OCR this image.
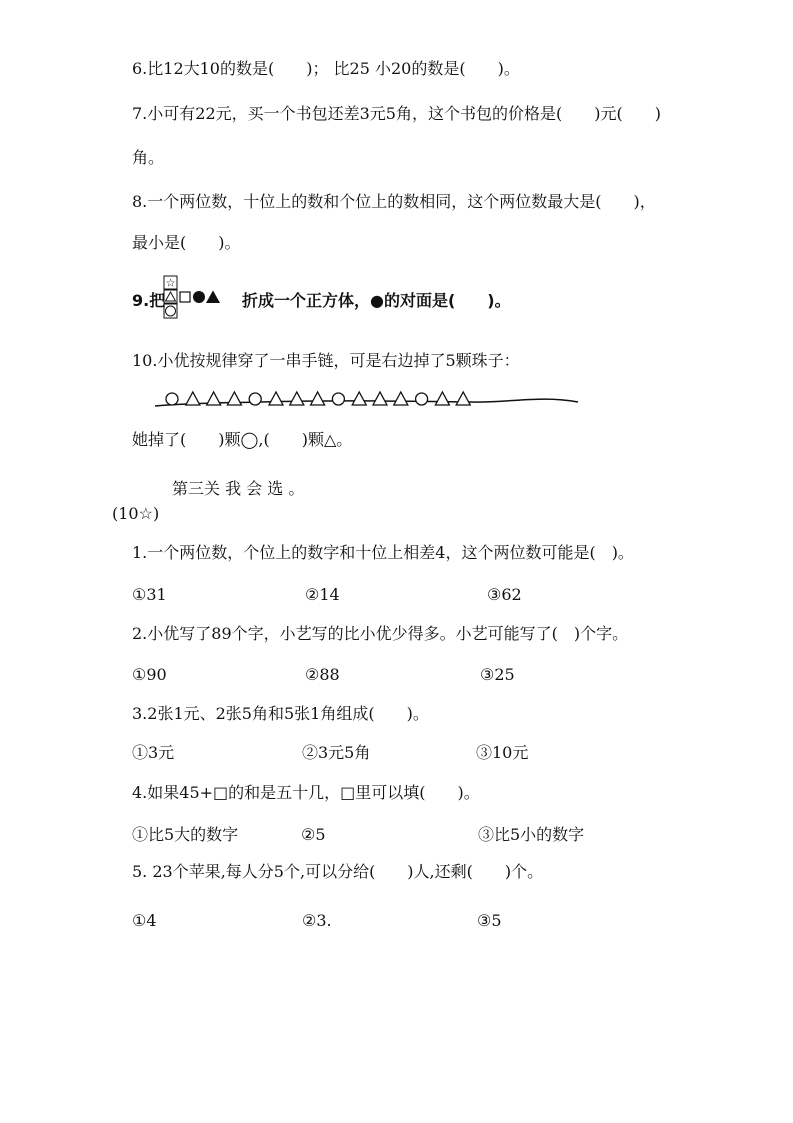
6.比12大10的数是(　　)； 比25 小20的数是(　　)。
7.小可有22元，买一个书包还差3元5角，这个书包的价格是(　　)元(　　)
角。
8.一个两位数，十位上的数和个位上的数相同，这个两位数最大是(　　)，
最小是(　　)。
9.把
☆
折成一个正方体，●的对面是(　　)。
10.小优按规律穿了一串手链，可是右边掉了5颗珠子：
她掉了(　　)颗◯,(　　)颗△。
第三关 我 会 选 。
(10☆)
1.一个两位数，个位上的数字和十位上相差4，这个两位数可能是(　)。
①31	②14	③62
2.小优写了89个字，小艺写的比小优少得多。小艺可能写了(　)个字。
①90	②88	③25
3.2张1元、2张5角和5张1角组成(　　)。
①3元	②3元5角	③10元
4.如果45+□的和是五十几，□里可以填(　　)。
①比5大的数字	②5	③比5小的数字
5. 23个苹果,每人分5个,可以分给(　　)人,还剩(　　)个。
①4	②3.	③5
